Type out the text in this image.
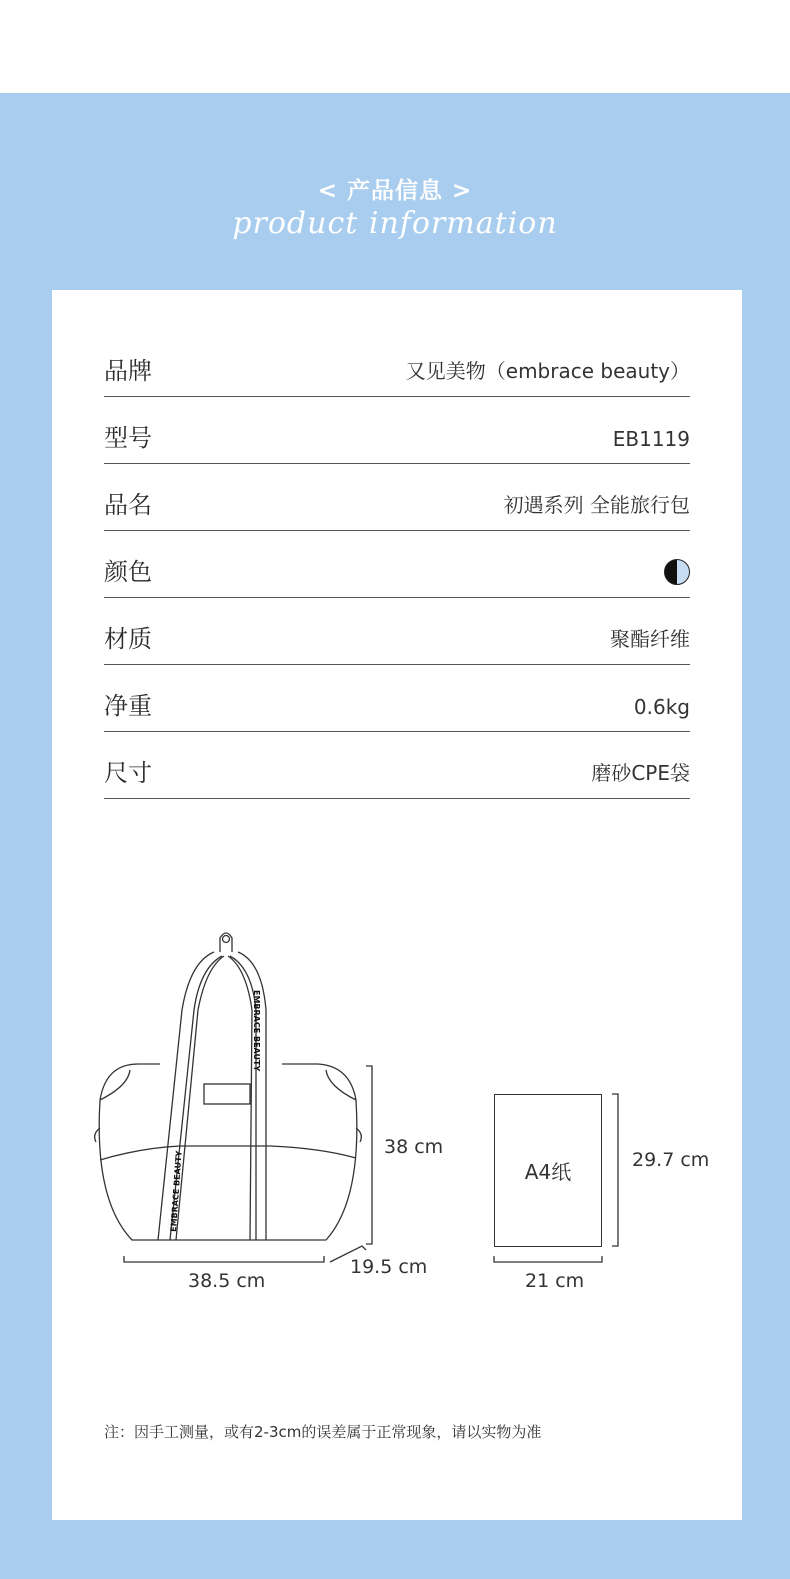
< 产品信息 >
product information
品牌	又见美物（embrace beauty）
型号	EB1119
品名	初遇系列 全能旅行包
颜色
材质	聚酯纤维
净重	0.6kg
尺寸	磨砂CPE袋
EMBRACE BEAUTY
EMBRACE BEAUTY
38 cm
38.5 cm
19.5 cm
A4纸	29.7 cm
21 cm
注：因手工测量，或有2-3cm的误差属于正常现象，请以实物为准
